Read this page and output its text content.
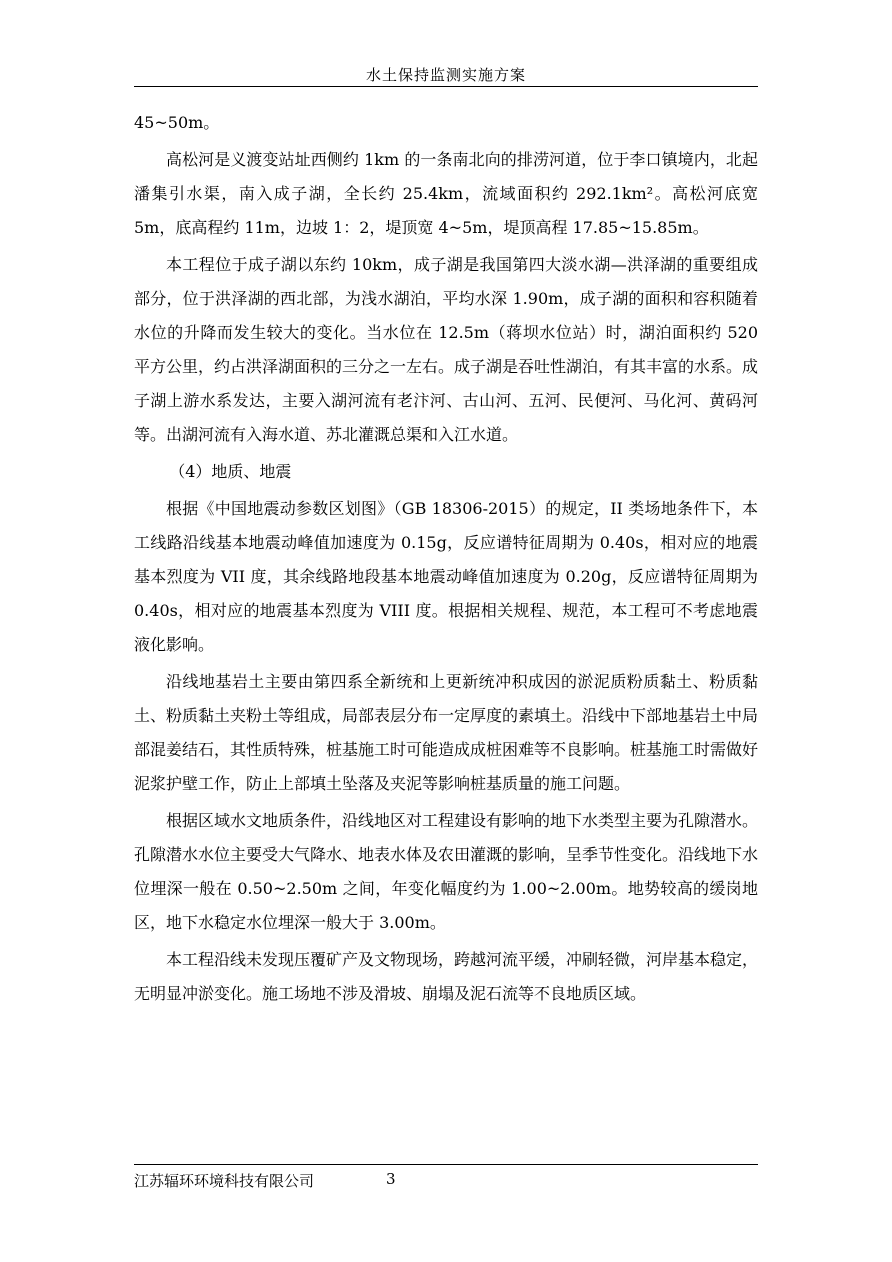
水土保持监测实施方案

45~50m。

高松河是义渡变站址西侧约 1km 的一条南北向的排涝河道，位于李口镇境内，北起潘集引水渠，南入成子湖，全长约 25.4km，流域面积约 292.1km²。高松河底宽 5m，底高程约 11m，边坡 1：2，堤顶宽 4~5m，堤顶高程 17.85~15.85m。

本工程位于成子湖以东约 10km，成子湖是我国第四大淡水湖—洪泽湖的重要组成部分，位于洪泽湖的西北部，为浅水湖泊，平均水深 1.90m，成子湖的面积和容积随着水位的升降而发生较大的变化。当水位在 12.5m（蒋坝水位站）时，湖泊面积约 520 平方公里，约占洪泽湖面积的三分之一左右。成子湖是吞吐性湖泊，有其丰富的水系。成子湖上游水系发达，主要入湖河流有老汴河、古山河、五河、民便河、马化河、黄码河等。出湖河流有入海水道、苏北灌溉总渠和入江水道。

（4）地质、地震

根据《中国地震动参数区划图》（GB 18306-2015）的规定，II 类场地条件下，本工线路沿线基本地震动峰值加速度为 0.15g，反应谱特征周期为 0.40s，相对应的地震基本烈度为 VII 度，其余线路地段基本地震动峰值加速度为 0.20g，反应谱特征周期为 0.40s，相对应的地震基本烈度为 VIII 度。根据相关规程、规范，本工程可不考虑地震液化影响。

沿线地基岩土主要由第四系全新统和上更新统冲积成因的淤泥质粉质黏土、粉质黏土、粉质黏土夹粉土等组成，局部表层分布一定厚度的素填土。沿线中下部地基岩土中局部混姜结石，其性质特殊，桩基施工时可能造成成桩困难等不良影响。桩基施工时需做好泥浆护壁工作，防止上部填土坠落及夹泥等影响桩基质量的施工问题。

根据区域水文地质条件，沿线地区对工程建设有影响的地下水类型主要为孔隙潜水。孔隙潜水水位主要受大气降水、地表水体及农田灌溉的影响，呈季节性变化。沿线地下水位埋深一般在 0.50~2.50m 之间，年变化幅度约为 1.00~2.00m。地势较高的缓岗地区，地下水稳定水位埋深一般大于 3.00m。

本工程沿线未发现压覆矿产及文物现场，跨越河流平缓，冲刷轻微，河岸基本稳定，无明显冲淤变化。施工场地不涉及滑坡、崩塌及泥石流等不良地质区域。

江苏辐环环境科技有限公司	3
